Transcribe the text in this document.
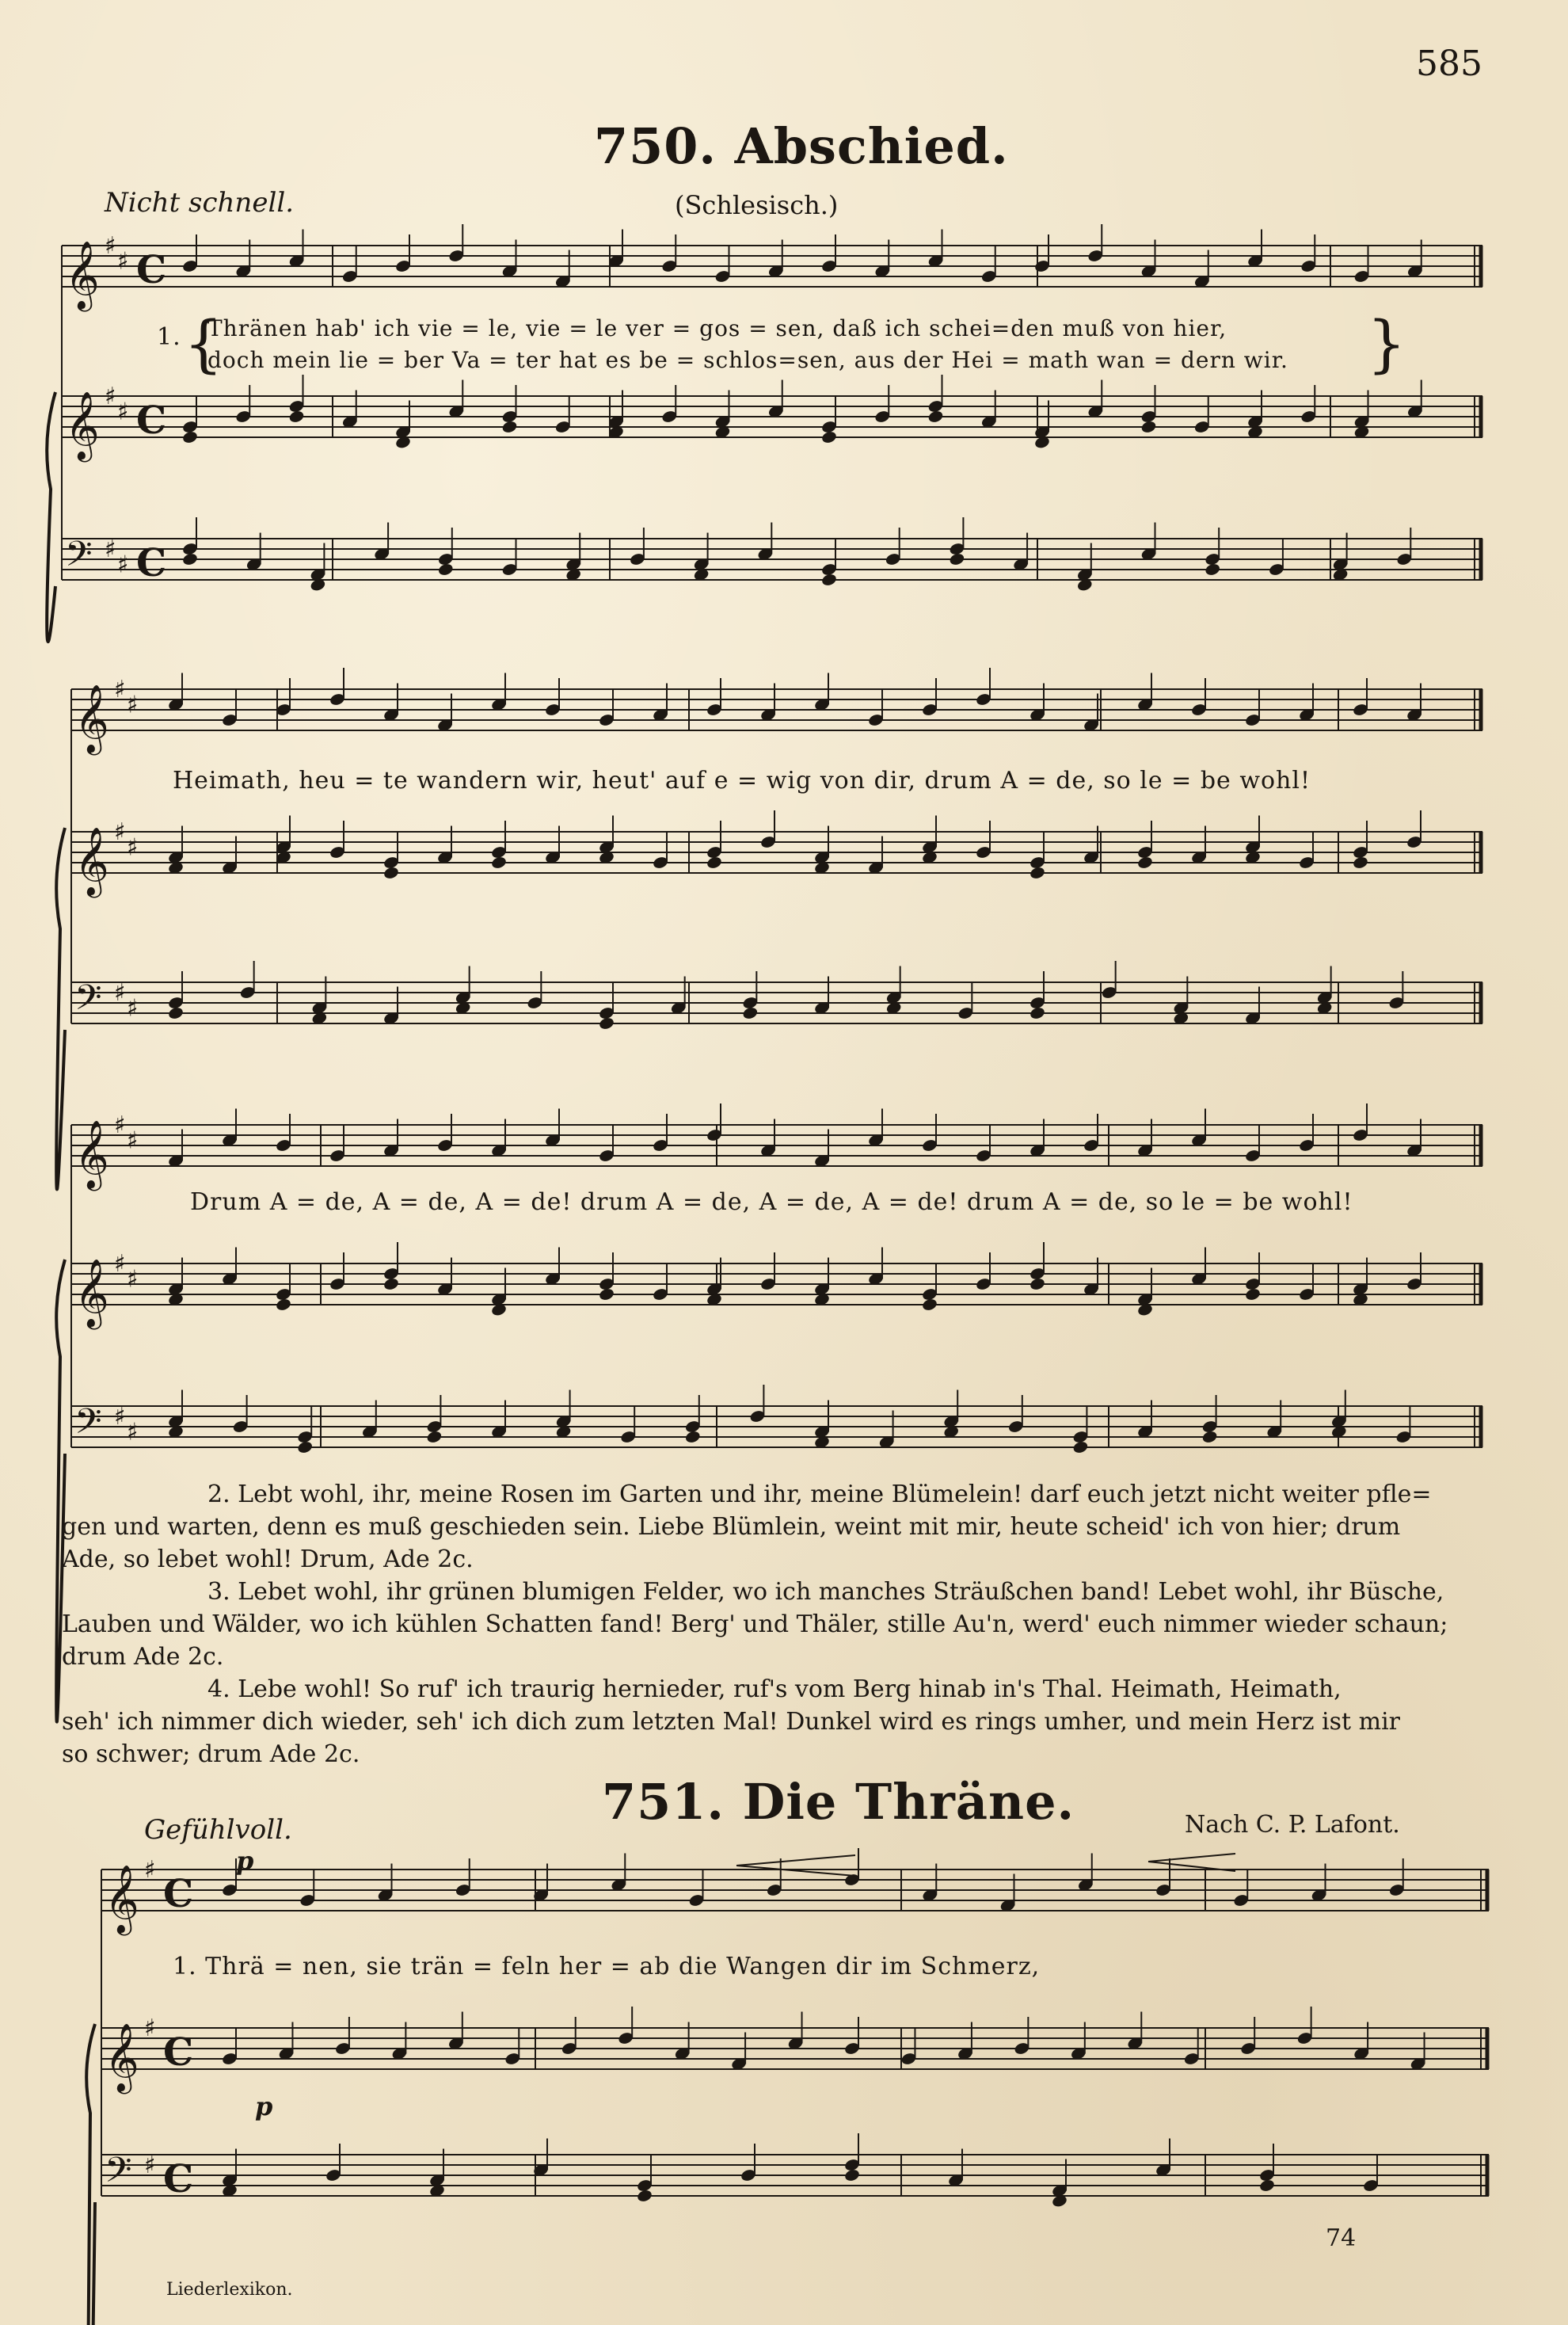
585
750. Abschied.
Nicht schnell.	(Schlesisch.)
𝄞 ♯
♯ C
𝄞 ♯
♯ C
𝄢 ♯
♯ C
𝄞 ♯
♯
𝄞 ♯
♯
𝄢 ♯
♯
𝄞 ♯
♯
𝄞 ♯
♯
𝄢 ♯
♯
𝄞 ♯
C
𝄞 ♯
C
𝄢 ♯ C
1. {
Thränen hab' ich vie = le, vie = le ver = gos = sen, daß ich schei=den muß von hier,
doch mein lie = ber Va = ter hat es be = schlos=sen, aus der Hei = math wan = dern wir. }
Heimath, heu = te wandern wir, heut' auf e = wig von dir, drum A = de, so le = be wohl!
Drum A = de, A = de, A = de! drum A = de, A = de, A = de! drum A = de, so le = be wohl!
2. Lebt wohl, ihr, meine Rosen im Garten und ihr, meine Blümelein! darf euch jetzt nicht weiter pfle=
gen und warten, denn es muß geschieden sein. Liebe Blümlein, weint mit mir, heute scheid' ich von hier; drum
Ade, so lebet wohl! Drum, Ade 2c.
3. Lebet wohl, ihr grünen blumigen Felder, wo ich manches Sträußchen band! Lebet wohl, ihr Büsche,
Lauben und Wälder, wo ich kühlen Schatten fand! Berg' und Thäler, stille Au'n, werd' euch nimmer wieder schaun;
drum Ade 2c.
4. Lebe wohl! So ruf' ich traurig hernieder, ruf's vom Berg hinab in's Thal. Heimath, Heimath,
seh' ich nimmer dich wieder, seh' ich dich zum letzten Mal! Dunkel wird es rings umher, und mein Herz ist mir
so schwer; drum Ade 2c.
751. Die Thräne.
Gefühlvoll.	Nach C. P. Lafont.
p
p
1. Thrä = nen, sie trän = feln her = ab die Wangen dir im Schmerz,
Liederlexikon.
74
